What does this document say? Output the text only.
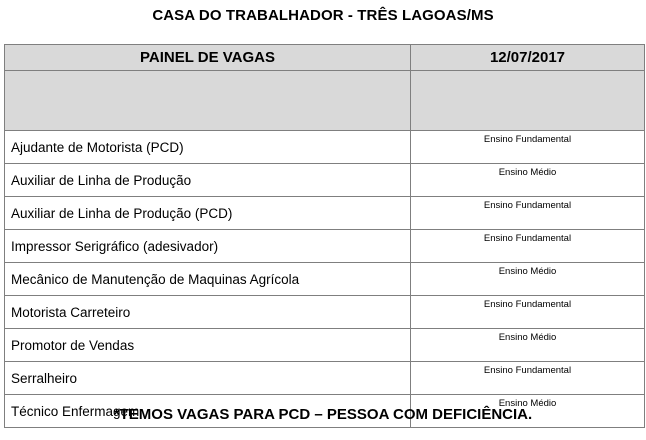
CASA DO TRABALHADOR - TRÊS LAGOAS/MS
PAINEL DE VAGAS	12/07/2017

Ajudante de Motorista (PCD)	Ensino Fundamental
Auxiliar de Linha de Produção	Ensino Médio
Auxiliar de Linha de Produção (PCD)	Ensino Fundamental
Impressor Serigráfico (adesivador)	Ensino Fundamental
Mecânico de Manutenção de Maquinas Agrícola	Ensino Médio
Motorista Carreteiro	Ensino Fundamental
Promotor de Vendas	Ensino Médio
Serralheiro	Ensino Fundamental
Técnico Enfermagem	Ensino Médio
*TEMOS VAGAS PARA PCD – PESSOA COM DEFICIÊNCIA.
